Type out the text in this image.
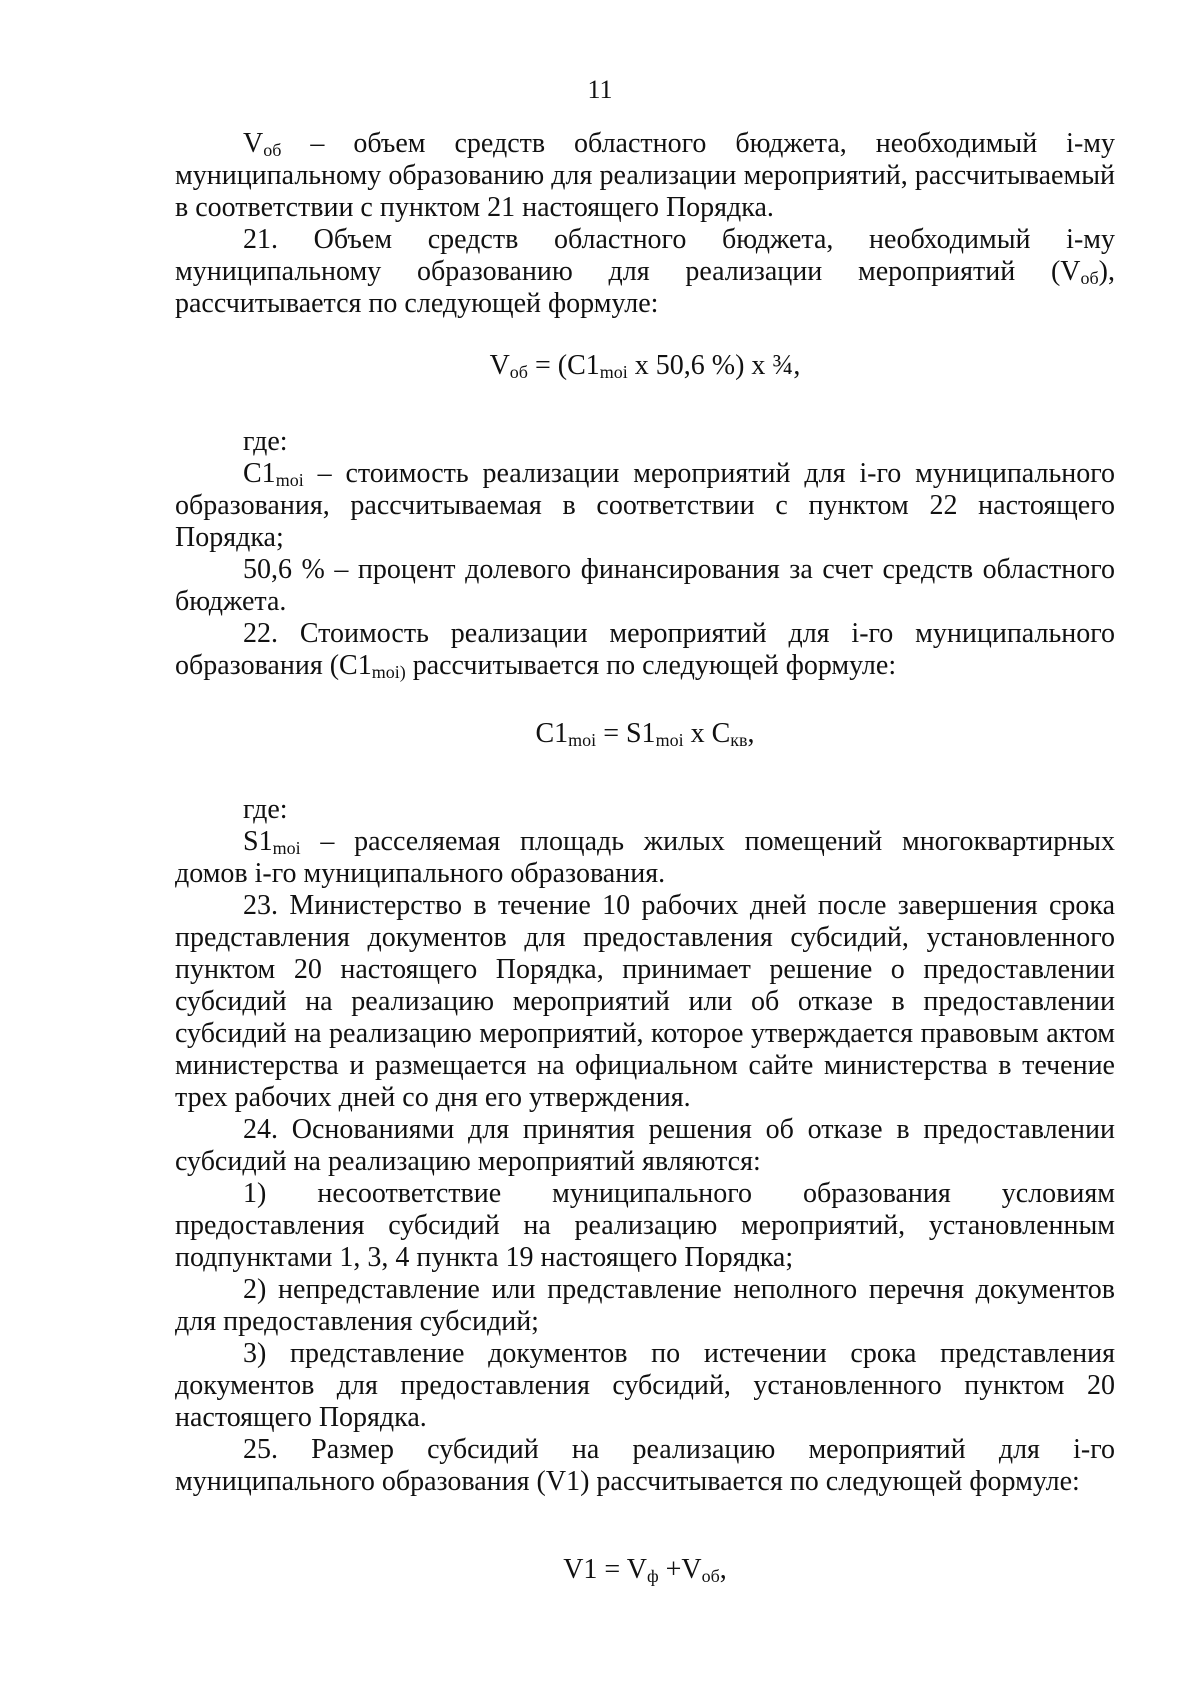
11

$V_{об}$ – объем средств областного бюджета, необходимый i-му муниципальному образованию для реализации мероприятий, рассчитываемый в соответствии с пунктом 21 настоящего Порядка.

21. Объем средств областного бюджета, необходимый i-му муниципальному образованию для реализации мероприятий $(V_{об})$, рассчитывается по следующей формуле:

$V_{об} = (C1_{moi}$ x 50,6 %) x ¾,

где:

$C1_{moi}$ – стоимость реализации мероприятий для i-го муниципального образования, рассчитываемая в соответствии с пунктом 22 настоящего Порядка;

50,6 % – процент долевого финансирования за счет средств областного бюджета.

22. Стоимость реализации мероприятий для i-го муниципального образования ($C1_{moi)}$ рассчитывается по следующей формуле:

$C1_{moi} = S1_{moi}$ x $C_{кв}$,

где:

$S1_{moi}$ – расселяемая площадь жилых помещений многоквартирных домов i-го муниципального образования.

23. Министерство в течение 10 рабочих дней после завершения срока представления документов для предоставления субсидий, установленного пунктом 20 настоящего Порядка, принимает решение о предоставлении субсидий на реализацию мероприятий или об отказе в предоставлении субсидий на реализацию мероприятий, которое утверждается правовым актом министерства и размещается на официальном сайте министерства в течение трех рабочих дней со дня его утверждения.

24. Основаниями для принятия решения об отказе в предоставлении субсидий на реализацию мероприятий являются:

1) несоответствие муниципального образования условиям предоставления субсидий на реализацию мероприятий, установленным подпунктами 1, 3, 4 пункта 19 настоящего Порядка;

2) непредставление или представление неполного перечня документов для предоставления субсидий;

3) представление документов по истечении срока представления документов для предоставления субсидий, установленного пунктом 20 настоящего Порядка.

25. Размер субсидий на реализацию мероприятий для i-го муниципального образования (V1) рассчитывается по следующей формуле:

$V1 = V_ф +V_{об}$,
